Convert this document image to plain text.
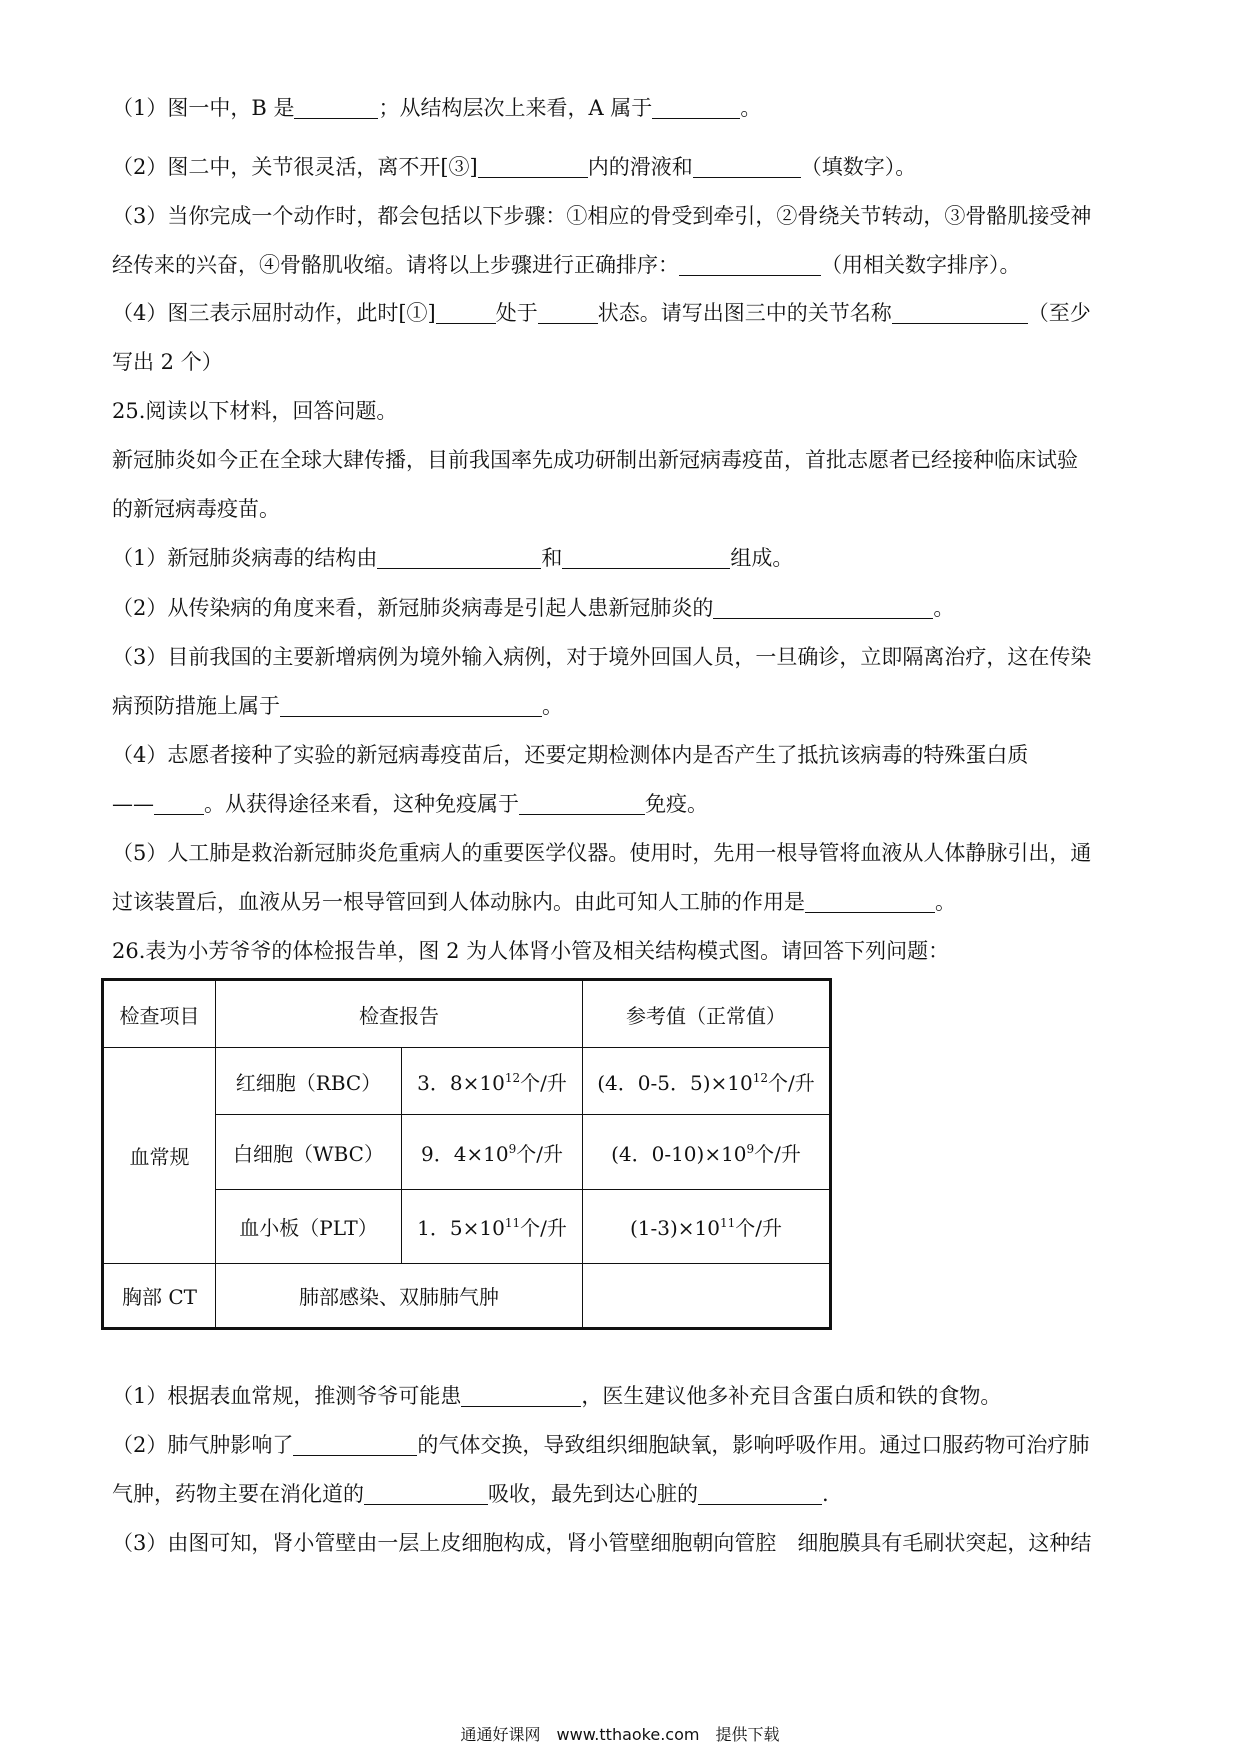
（1）图一中，B 是	；从结构层次上来看，A 属于	。
（2）图二中，关节很灵活，离不开[③]	内的滑液和	（填数字）。
（3）当你完成一个动作时，都会包括以下步骤：①相应的骨受到牵引，②骨绕关节转动，③骨骼肌接受神
经传来的兴奋，④骨骼肌收缩。请将以上步骤进行正确排序：	（用相关数字排序）。
（4）图三表示屈肘动作，此时[①]	处于	状态。请写出图三中的关节名称	（至少
写出 2 个）
25.阅读以下材料，回答问题。
新冠肺炎如今正在全球大肆传播，目前我国率先成功研制出新冠病毒疫苗，首批志愿者已经接种临床试验
的新冠病毒疫苗。
（1）新冠肺炎病毒的结构由	和	组成。
（2）从传染病的角度来看，新冠肺炎病毒是引起人患新冠肺炎的	。
（3）目前我国的主要新增病例为境外输入病例，对于境外回国人员，一旦确诊，立即隔离治疗，这在传染
病预防措施上属于	。
（4）志愿者接种了实验的新冠病毒疫苗后，还要定期检测体内是否产生了抵抗该病毒的特殊蛋白质
—— 。从获得途径来看，这种免疫属于	免疫。
（5）人工肺是救治新冠肺炎危重病人的重要医学仪器。使用时，先用一根导管将血液从人体静脉引出，通
过该装置后，血液从另一根导管回到人体动脉内。由此可知人工肺的作用是	。
26.表为小芳爷爷的体检报告单，图 2 为人体肾小管及相关结构模式图。请回答下列问题：
检查项目	检查报告		参考值（正常值）
血常规	红细胞（RBC）	3．$8\times 10^{12}$个/升	(4．0-5．$5)\times 10^{12}$个/升
	白细胞（WBC）	9．$4\times 10^9$个/升	(4．$0-10)\times 10^9$个/升
	血小板（PLT）	1．$5\times 10^{11}$个/升	$(1-3)\times 10^{11}$个/升
胸部 CT	肺部感染、双肺肺气肿		
（1）根据表血常规，推测爷爷可能患	，医生建议他多补充目含蛋白质和铁的食物。
（2）肺气肿影响了	的气体交换，导致组织细胞缺氧，影响呼吸作用。通过口服药物可治疗肺
气肿，药物主要在消化道的	吸收，最先到达心脏的	.
（3）由图可知，肾小管壁由一层上皮细胞构成，肾小管壁细胞朝向管腔　细胞膜具有毛刷状突起，这种结
通通好课网　www.tthaoke.com　提供下载
